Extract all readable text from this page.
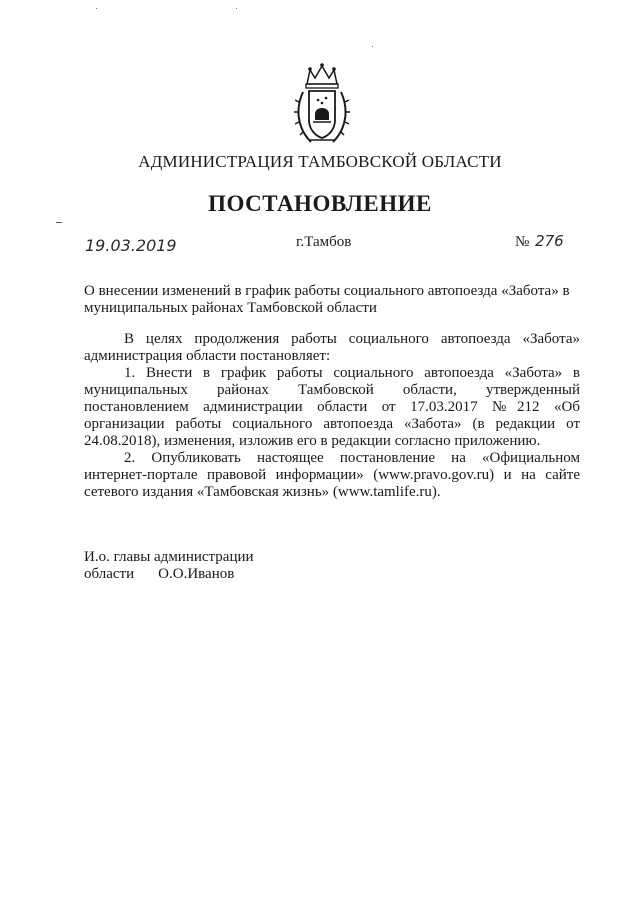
АДМИНИСТРАЦИЯ ТАМБОВСКОЙ ОБЛАСТИ
ПОСТАНОВЛЕНИЕ
19.03.2019	г.Тамбов	№ 276
О внесении изменений в график работы социального автопоезда «Забота» в муниципальных районах Тамбовской области

В целях продолжения работы социального автопоезда «Забота» администрация области постановляет:

1. Внести в график работы социального автопоезда «Забота» в муниципальных районах Тамбовской области, утвержденный постановлением администрации области от 17.03.2017 №212 «Об организации работы социального автопоезда «Забота» (в редакции от 24.08.2018), изменения, изложив его в редакции согласно приложению.

2. Опубликовать настоящее постановление на «Официальном интернет-портале правовой информации» (www.pravo.gov.ru) и на сайте сетевого издания «Тамбовская жизнь» (www.tamlife.ru).

И.о. главы администрации
области О.О.Иванов
